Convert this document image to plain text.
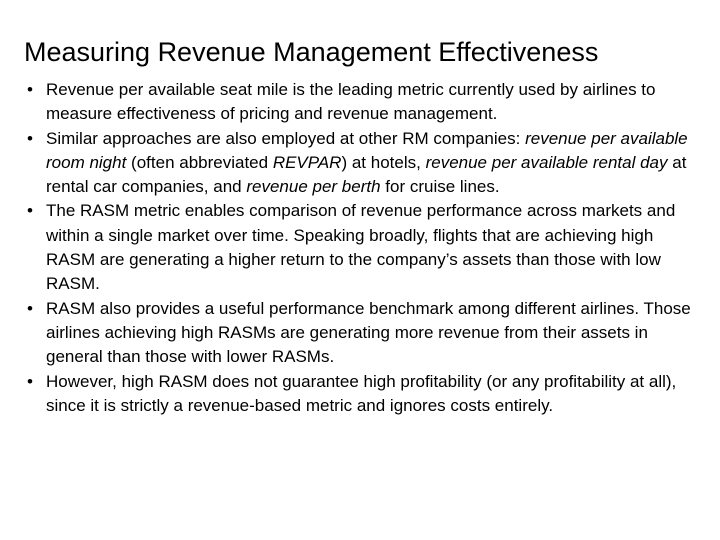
Measuring Revenue Management Effectiveness
• Revenue per available seat mile is the leading metric currently used by airlines to measure effectiveness of pricing and revenue management.
• Similar approaches are also employed at other RM companies: revenue per available room night (often abbreviated REVPAR) at hotels, revenue per available rental day at rental car companies, and revenue per berth for cruise lines.
• The RASM metric enables comparison of revenue performance across markets and within a single market over time. Speaking broadly, flights that are achieving high RASM are generating a higher return to the company’s assets than those with low RASM.
• RASM also provides a useful performance benchmark among different airlines. Those airlines achieving high RASMs are generating more revenue from their assets in general than those with lower RASMs.
• However, high RASM does not guarantee high profitability (or any profitability at all), since it is strictly a revenue-based metric and ignores costs entirely.
